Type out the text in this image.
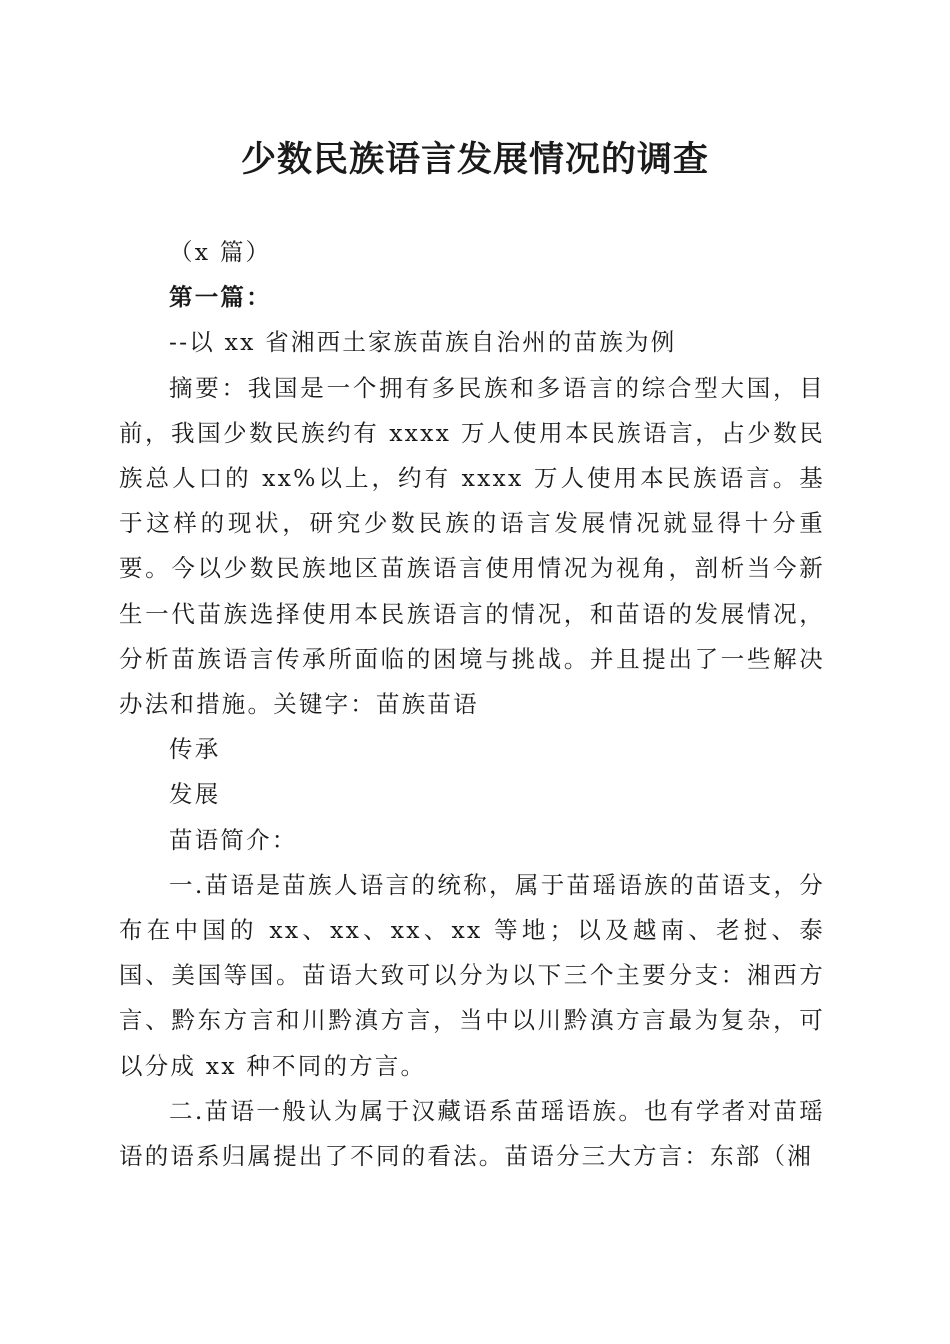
少数民族语言发展情况的调查

（x 篇）

第一篇：

--以 xx 省湘西土家族苗族自治州的苗族为例

摘要：我国是一个拥有多民族和多语言的综合型大国，目前，我国少数民族约有 xxxx 万人使用本民族语言，占少数民族总人口的 xx%以上，约有 xxxx 万人使用本民族语言。基于这样的现状，研究少数民族的语言发展情况就显得十分重要。今以少数民族地区苗族语言使用情况为视角，剖析当今新生一代苗族选择使用本民族语言的情况，和苗语的发展情况，分析苗族语言传承所面临的困境与挑战。并且提出了一些解决办法和措施。关键字：苗族苗语

传承

发展

苗语简介：

一.苗语是苗族人语言的统称，属于苗瑶语族的苗语支，分布在中国的 xx、xx、xx、xx 等地；以及越南、老挝、泰国、美国等国。苗语大致可以分为以下三个主要分支：湘西方言、黔东方言和川黔滇方言，当中以川黔滇方言最为复杂，可以分成 xx 种不同的方言。

二.苗语一般认为属于汉藏语系苗瑶语族。也有学者对苗瑶语的语系归属提出了不同的看法。苗语分三大方言：东部（湘
